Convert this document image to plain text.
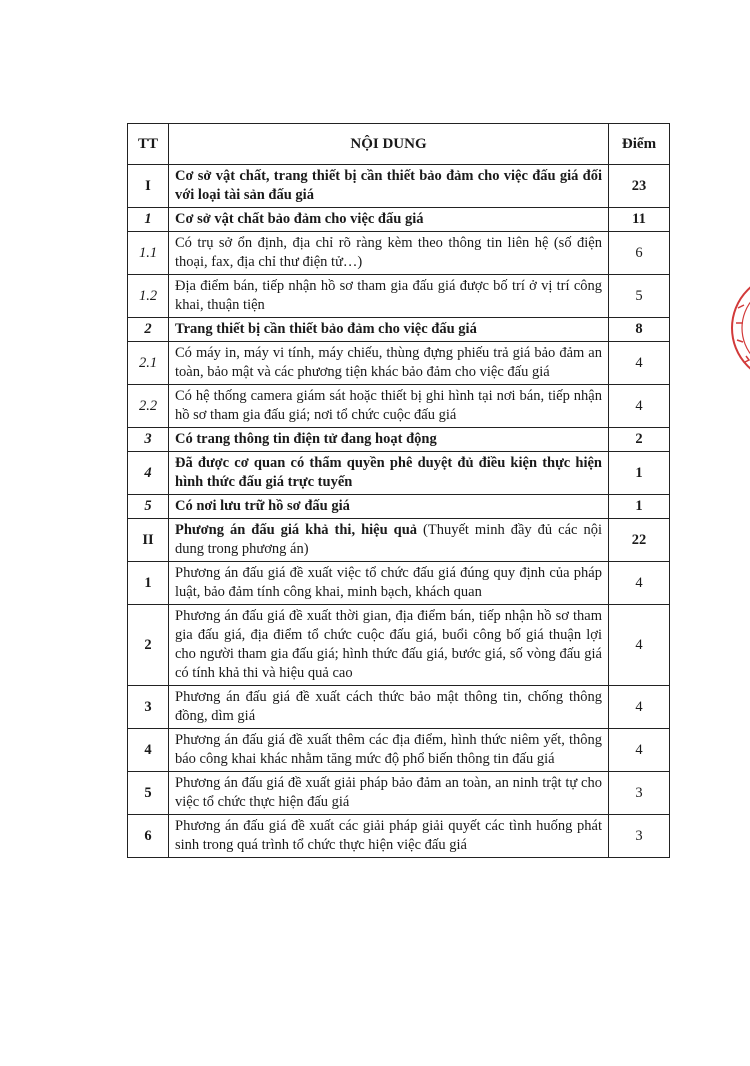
TT	NỘI DUNG	Điểm
I	Cơ sở vật chất, trang thiết bị cần thiết bảo đảm cho việc đấu giá đối với loại tài sản đấu giá	23
1	Cơ sở vật chất bảo đảm cho việc đấu giá	11
1.1	Có trụ sở ổn định, địa chỉ rõ ràng kèm theo thông tin liên hệ (số điện thoại, fax, địa chỉ thư điện tử…)	6
1.2	Địa điểm bán, tiếp nhận hồ sơ tham gia đấu giá được bố trí ở vị trí công khai, thuận tiện	5
2	Trang thiết bị cần thiết bảo đảm cho việc đấu giá	8
2.1	Có máy in, máy vi tính, máy chiếu, thùng đựng phiếu trả giá bảo đảm an toàn, bảo mật và các phương tiện khác bảo đảm cho việc đấu giá	4
2.2	Có hệ thống camera giám sát hoặc thiết bị ghi hình tại nơi bán, tiếp nhận hồ sơ tham gia đấu giá; nơi tổ chức cuộc đấu giá	4
3	Có trang thông tin điện tử đang hoạt động	2
4	Đã được cơ quan có thẩm quyền phê duyệt đủ điều kiện thực hiện hình thức đấu giá trực tuyến	1
5	Có nơi lưu trữ hồ sơ đấu giá	1
II	Phương án đấu giá khả thi, hiệu quả (Thuyết minh đầy đủ các nội dung trong phương án)	22
1	Phương án đấu giá đề xuất việc tổ chức đấu giá đúng quy định của pháp luật, bảo đảm tính công khai, minh bạch, khách quan	4
2	Phương án đấu giá đề xuất thời gian, địa điểm bán, tiếp nhận hồ sơ tham gia đấu giá, địa điểm tổ chức cuộc đấu giá, buổi công bố giá thuận lợi cho người tham gia đấu giá; hình thức đấu giá, bước giá, số vòng đấu giá có tính khả thi và hiệu quả cao	4
3	Phương án đấu giá đề xuất cách thức bảo mật thông tin, chống thông đồng, dìm giá	4
4	Phương án đấu giá đề xuất thêm các địa điểm, hình thức niêm yết, thông báo công khai khác nhằm tăng mức độ phổ biến thông tin đấu giá	4
5	Phương án đấu giá đề xuất giải pháp bảo đảm an toàn, an ninh trật tự cho việc tổ chức thực hiện đấu giá	3
6	Phương án đấu giá đề xuất các giải pháp giải quyết các tình huống phát sinh trong quá trình tổ chức thực hiện việc đấu giá	3
